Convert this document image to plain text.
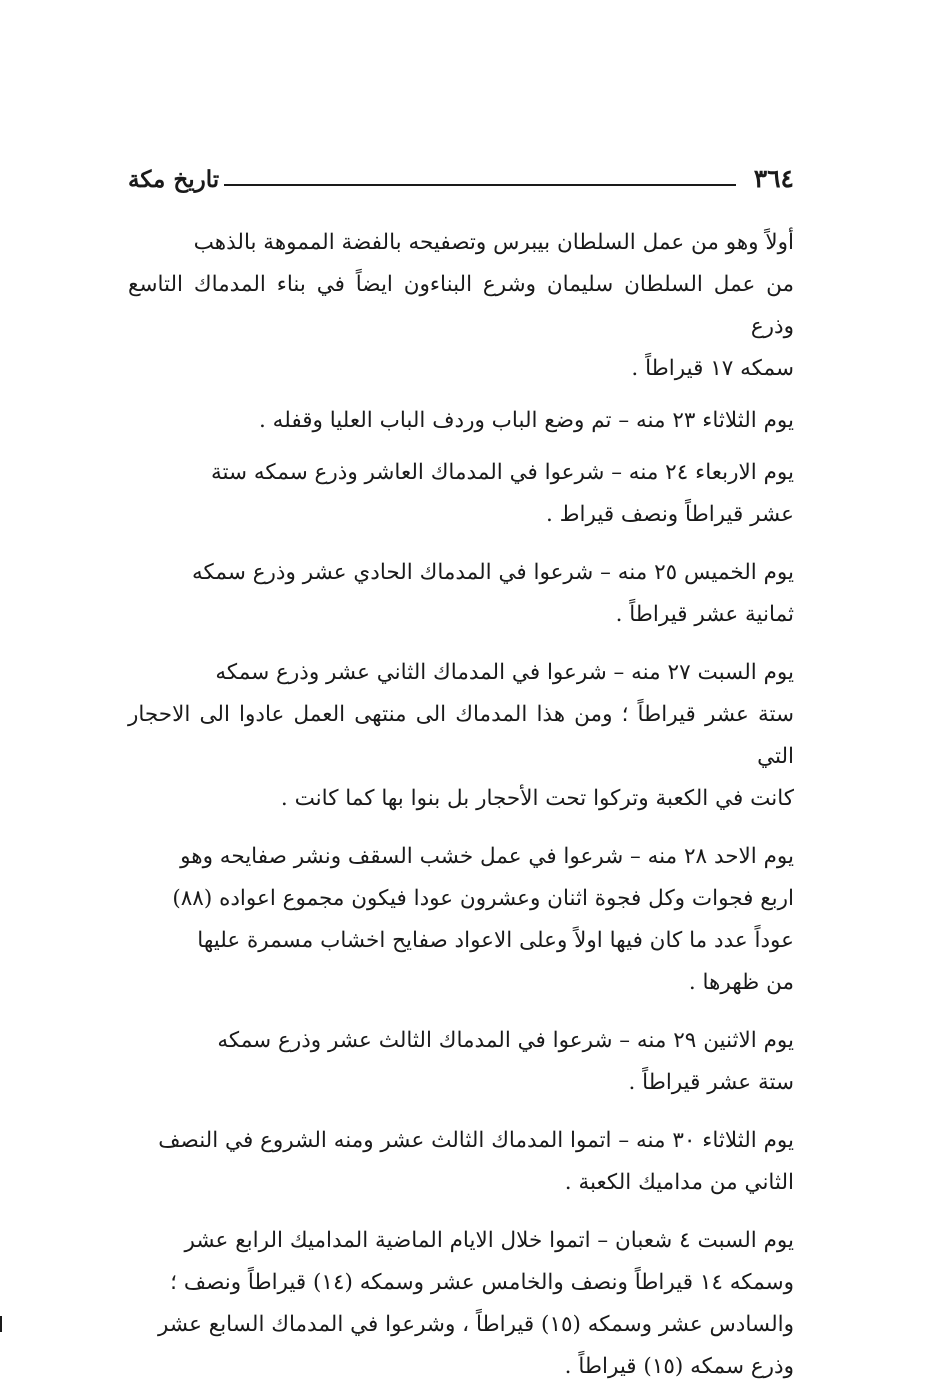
تاريخ مكة	٣٦٤

أولاً وهو من عمل السلطان بيبرس وتصفيحه بالفضة المموهة بالذهب
من عمل السلطان سليمان وشرع البناءون ايضاً في بناء المدماك التاسع وذرع
سمكه ١٧ قيراطاً .

يوم الثلاثاء ٢٣ منه – تم وضع الباب وردف الباب العليا وقفله .

يوم الاربعاء ٢٤ منه – شرعوا في المدماك العاشر وذرع سمكه ستة
عشر قيراطاً ونصف قيراط .

يوم الخميس ٢٥ منه – شرعوا في المدماك الحادي عشر وذرع سمكه
ثمانية عشر قيراطاً .

يوم السبت ٢٧ منه – شرعوا في المدماك الثاني عشر وذرع سمكه
ستة عشر قيراطاً ؛ ومن هذا المدماك الى منتهى العمل عادوا الى الاحجار التي
كانت في الكعبة وتركوا تحت الأحجار بل بنوا بها كما كانت .

يوم الاحد ٢٨ منه – شرعوا في عمل خشب السقف ونشر صفايحه وهو
اربع فجوات وكل فجوة اثنان وعشرون عودا فيكون مجموع اعواده (٨٨)
عوداً عدد ما كان فيها اولاً وعلى الاعواد صفايح اخشاب مسمرة عليها
من ظهرها .

يوم الاثنين ٢٩ منه – شرعوا في المدماك الثالث عشر وذرع سمكه
ستة عشر قيراطاً .

يوم الثلاثاء ٣٠ منه – اتموا المدماك الثالث عشر ومنه الشروع في النصف
الثاني من مداميك الكعبة .

يوم السبت ٤ شعبان – اتموا خلال الايام الماضية المداميك الرابع عشر
وسمكه ١٤ قيراطاً ونصف والخامس عشر وسمكه (١٤) قيراطاً ونصف ؛
والسادس عشر وسمكه (١٥) قيراطاً ، وشرعوا في المدماك السابع عشر
وذرع سمكه (١٥) قيراطاً .
